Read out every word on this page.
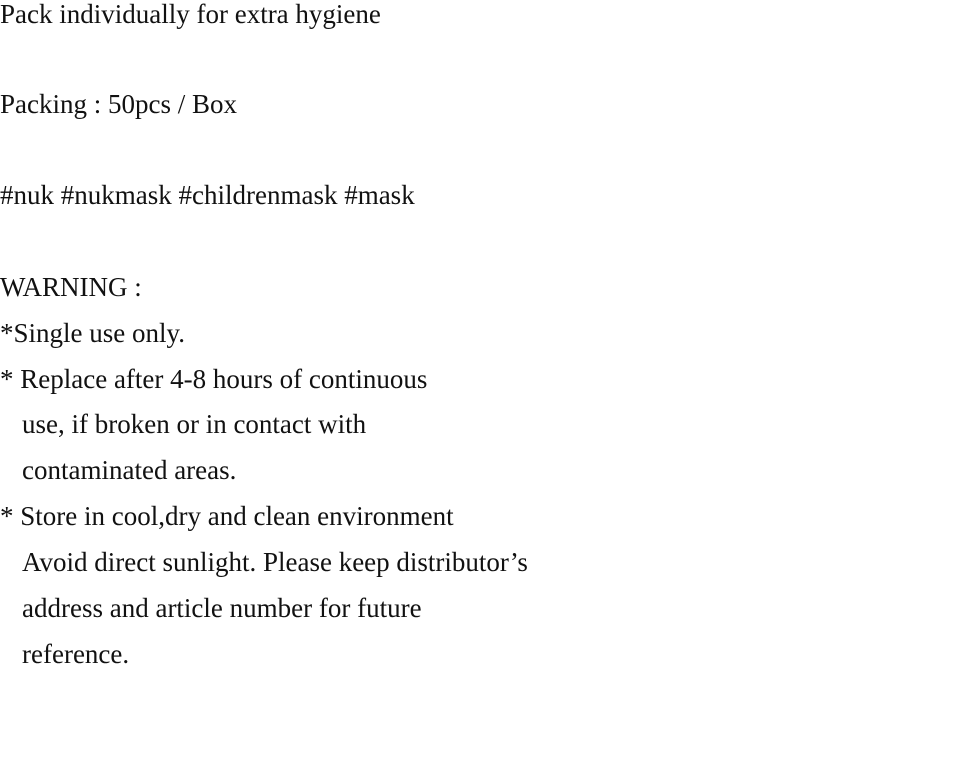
Pack individually for extra hygiene
Packing : 50pcs / Box
#nuk #nukmask #childrenmask #mask
WARNING :
*Single use only.
* Replace after 4-8 hours of continuous
use, if broken or in contact with
contaminated areas.
* Store in cool,dry and clean environment
Avoid direct sunlight. Please keep distributor’s
address and article number for future
reference.
